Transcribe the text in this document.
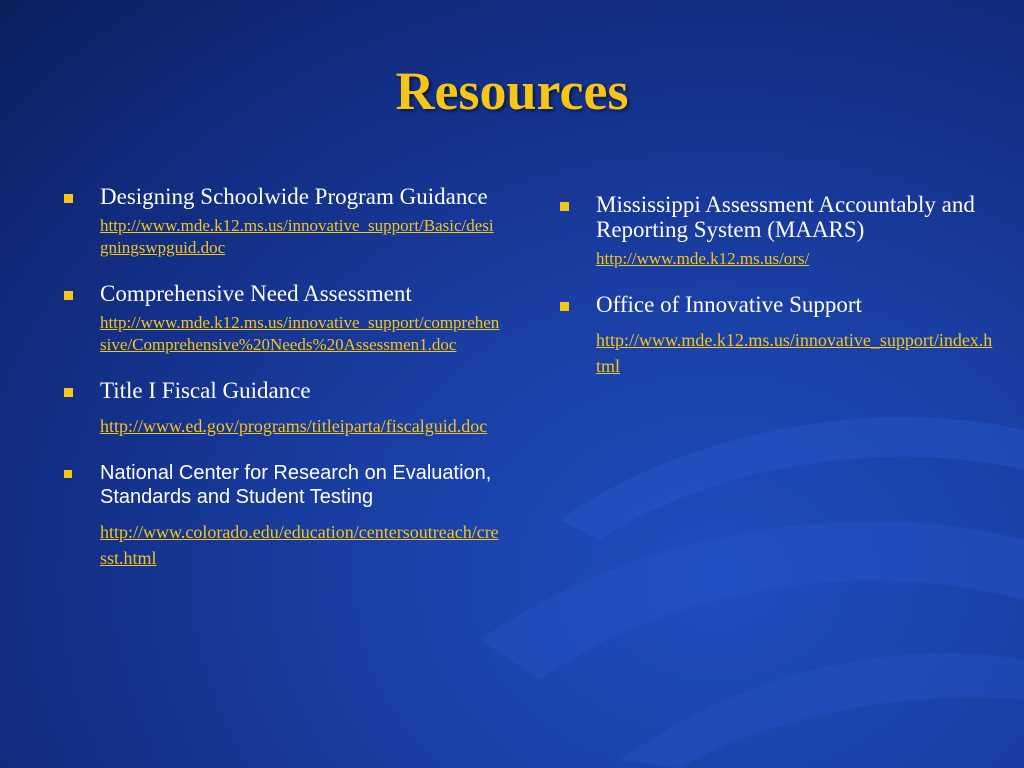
Resources
Designing Schoolwide Program Guidance
http://www.mde.k12.ms.us/innovative_support/Basic/designingswpguid.doc
Comprehensive Need Assessment
http://www.mde.k12.ms.us/innovative_support/comprehensive/Comprehensive%20Needs%20Assessmen1.doc
Title I Fiscal Guidance
http://www.ed.gov/programs/titleiparta/fiscalguid.doc
National Center for Research on Evaluation, Standards and Student Testing
http://www.colorado.edu/education/centersoutreach/cresst.html
Mississippi Assessment Accountably and Reporting System (MAARS)
http://www.mde.k12.ms.us/ors/
Office of Innovative Support
http://www.mde.k12.ms.us/innovative_support/index.html
